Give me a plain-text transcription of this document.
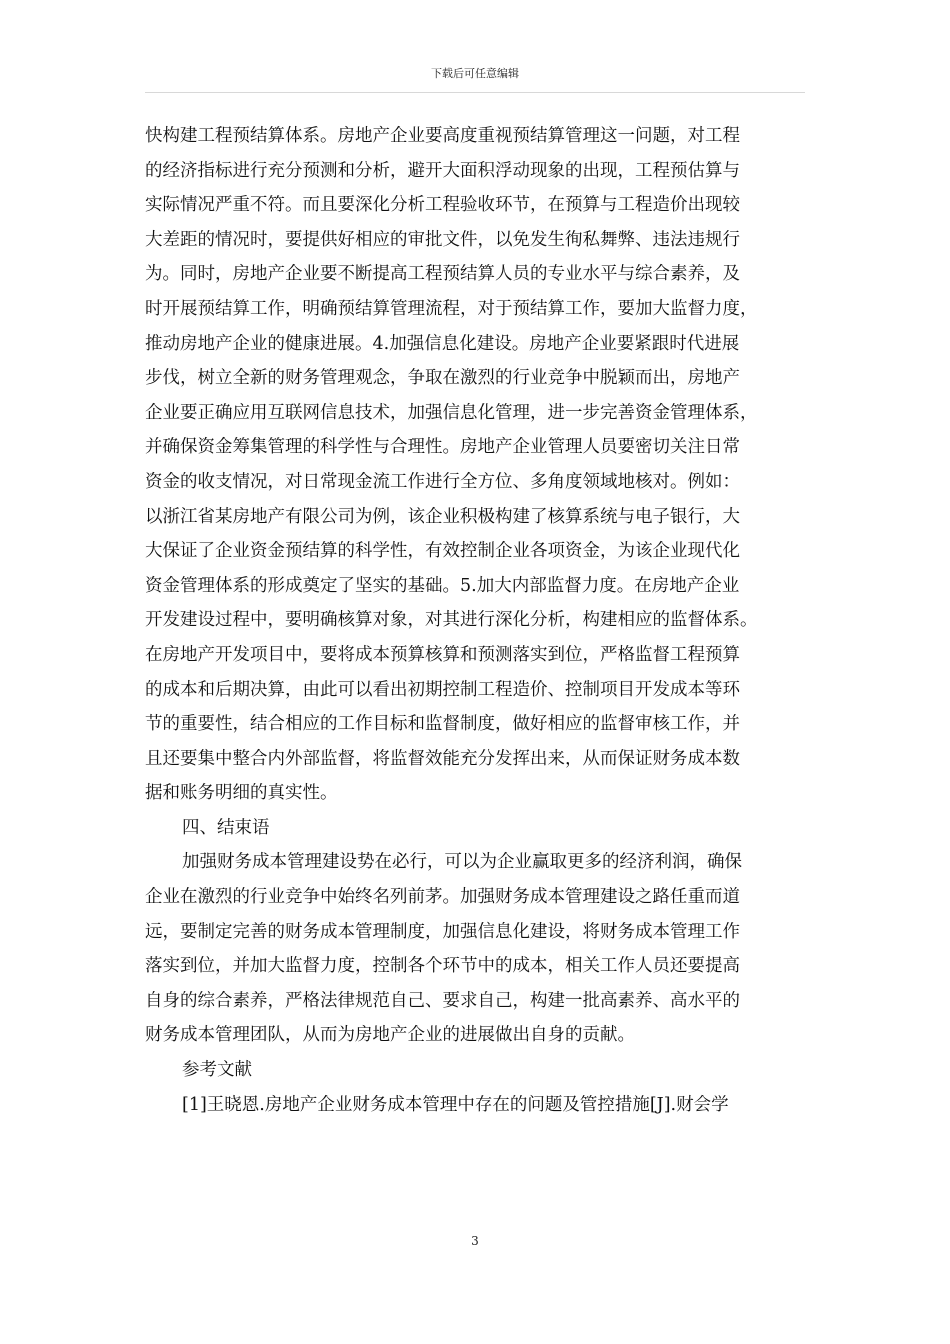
下载后可任意编辑
快构建工程预结算体系。房地产企业要高度重视预结算管理这一问题，对工程
的经济指标进行充分预测和分析，避开大面积浮动现象的出现，工程预估算与
实际情况严重不符。而且要深化分析工程验收环节，在预算与工程造价出现较
大差距的情况时，要提供好相应的审批文件，以免发生徇私舞弊、违法违规行
为。同时，房地产企业要不断提高工程预结算人员的专业水平与综合素养，及
时开展预结算工作，明确预结算管理流程，对于预结算工作，要加大监督力度，
推动房地产企业的健康进展。4.加强信息化建设。房地产企业要紧跟时代进展
步伐，树立全新的财务管理观念，争取在激烈的行业竞争中脱颖而出，房地产
企业要正确应用互联网信息技术，加强信息化管理，进一步完善资金管理体系，
并确保资金筹集管理的科学性与合理性。房地产企业管理人员要密切关注日常
资金的收支情况，对日常现金流工作进行全方位、多角度领域地核对。例如：
以浙江省某房地产有限公司为例，该企业积极构建了核算系统与电子银行，大
大保证了企业资金预结算的科学性，有效控制企业各项资金，为该企业现代化
资金管理体系的形成奠定了坚实的基础。5.加大内部监督力度。在房地产企业
开发建设过程中，要明确核算对象，对其进行深化分析，构建相应的监督体系。
在房地产开发项目中，要将成本预算核算和预测落实到位，严格监督工程预算
的成本和后期决算，由此可以看出初期控制工程造价、控制项目开发成本等环
节的重要性，结合相应的工作目标和监督制度，做好相应的监督审核工作，并
且还要集中整合内外部监督，将监督效能充分发挥出来，从而保证财务成本数
据和账务明细的真实性。
四、结束语
加强财务成本管理建设势在必行，可以为企业赢取更多的经济利润，确保
企业在激烈的行业竞争中始终名列前茅。加强财务成本管理建设之路任重而道
远，要制定完善的财务成本管理制度，加强信息化建设，将财务成本管理工作
落实到位，并加大监督力度，控制各个环节中的成本，相关工作人员还要提高
自身的综合素养，严格法律规范自己、要求自己，构建一批高素养、高水平的
财务成本管理团队，从而为房地产企业的进展做出自身的贡献。
参考文献
[1]王晓恩.房地产企业财务成本管理中存在的问题及管控措施[J].财会学
3
